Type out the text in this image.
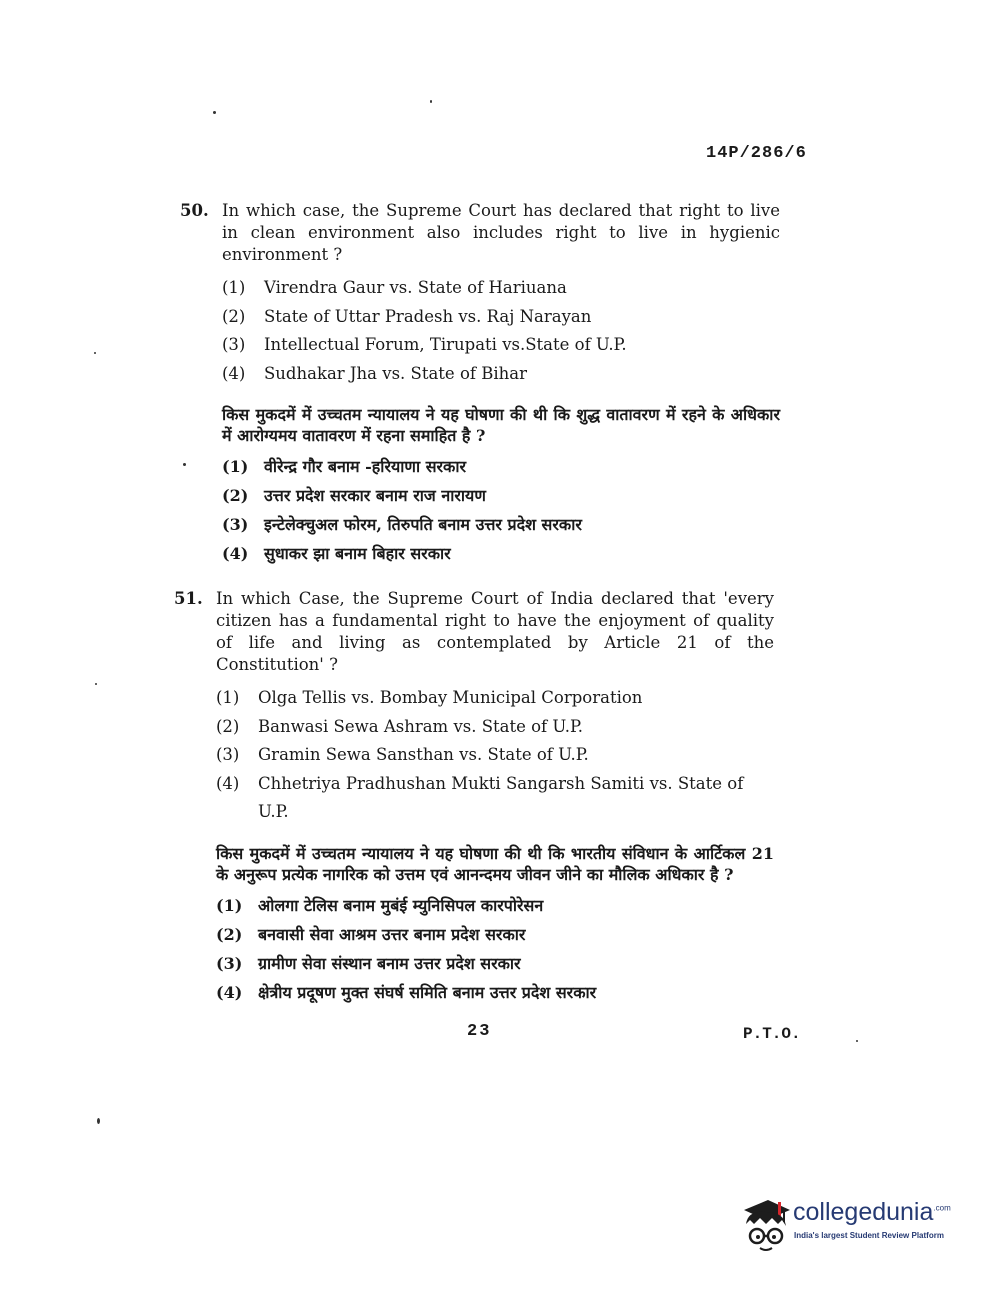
14P/286/6
50. In which case, the Supreme Court has declared that right to live in clean environment also includes right to live in hygienic environment ?
(1)	Virendra Gaur vs. State of Hariuana
(2)	State of Uttar Pradesh vs. Raj Narayan
(3)	Intellectual Forum, Tirupati vs.State of U.P.
(4)	Sudhakar Jha vs. State of Bihar
किस मुकदमें में उच्चतम न्यायालय ने यह घोषणा की थी कि शुद्ध वातावरण में रहने के अधिकार में आरोग्यमय वातावरण में रहना समाहित है ?
(1) वीरेन्द्र गौर बनाम -हरियाणा सरकार
(2) उत्तर प्रदेश सरकार बनाम राज नारायण
(3) इन्टेलेक्चुअल फोरम, तिरुपति बनाम उत्तर प्रदेश सरकार
(4) सुधाकर झा बनाम बिहार सरकार
51. In which Case, the Supreme Court of India declared that 'every citizen has a fundamental right to have the enjoyment of quality of life and living as contemplated by Article 21 of the Constitution' ?
(1)	Olga Tellis vs. Bombay Municipal Corporation
(2)	Banwasi Sewa Ashram vs. State of U.P.
(3)	Gramin Sewa Sansthan vs. State of U.P.
(4)	Chhetriya Pradhushan Mukti Sangarsh Samiti vs. State of U.P.
किस मुकदमें में उच्चतम न्यायालय ने यह घोषणा की थी कि भारतीय संविधान के आर्टिकल 21 के अनुरूप प्रत्येक नागरिक को उत्तम एवं आनन्दमय जीवन जीने का मौलिक अधिकार है ?
(1) ओलगा टेलिस बनाम मुबंई म्युनिसिपल कारपोरेसन
(2) बनवासी सेवा आश्रम उत्तर बनाम प्रदेश सरकार
(3) ग्रामीण सेवा संस्थान बनाम उत्तर प्रदेश सरकार
(4) क्षेत्रीय प्रदूषण मुक्त संघर्ष समिति बनाम उत्तर प्रदेश सरकार
23	P.T.O.
collegedunia$^{.com}$
India's largest Student Review Platform
